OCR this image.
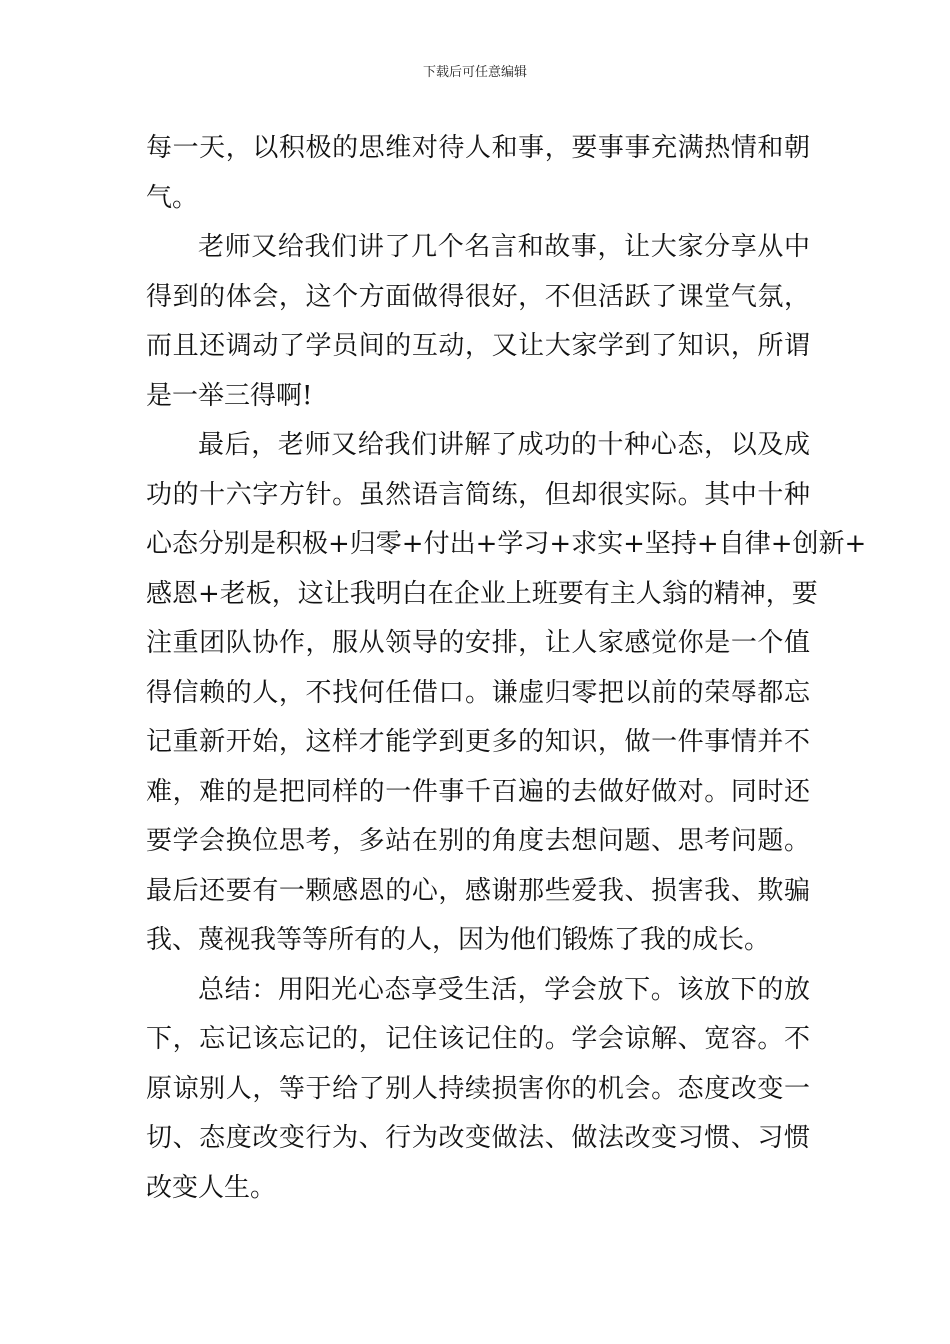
下载后可任意编辑
每一天，以积极的思维对待人和事，要事事充满热情和朝
气。
老师又给我们讲了几个名言和故事，让大家分享从中
得到的体会，这个方面做得很好，不但活跃了课堂气氛，
而且还调动了学员间的互动，又让大家学到了知识，所谓
是一举三得啊!
最后，老师又给我们讲解了成功的十种心态，以及成
功的十六字方针。虽然语言简练，但却很实际。其中十种
心态分别是积极+归零+付出+学习+求实+坚持+自律+创新+
感恩+老板，这让我明白在企业上班要有主人翁的精神，要
注重团队协作，服从领导的安排，让人家感觉你是一个值
得信赖的人，不找何任借口。谦虚归零把以前的荣辱都忘
记重新开始，这样才能学到更多的知识，做一件事情并不
难，难的是把同样的一件事千百遍的去做好做对。同时还
要学会换位思考，多站在别的角度去想问题、思考问题。
最后还要有一颗感恩的心，感谢那些爱我、损害我、欺骗
我、蔑视我等等所有的人，因为他们锻炼了我的成长。
总结：用阳光心态享受生活，学会放下。该放下的放
下，忘记该忘记的，记住该记住的。学会谅解、宽容。不
原谅别人，等于给了别人持续损害你的机会。态度改变一
切、态度改变行为、行为改变做法、做法改变习惯、习惯
改变人生。
